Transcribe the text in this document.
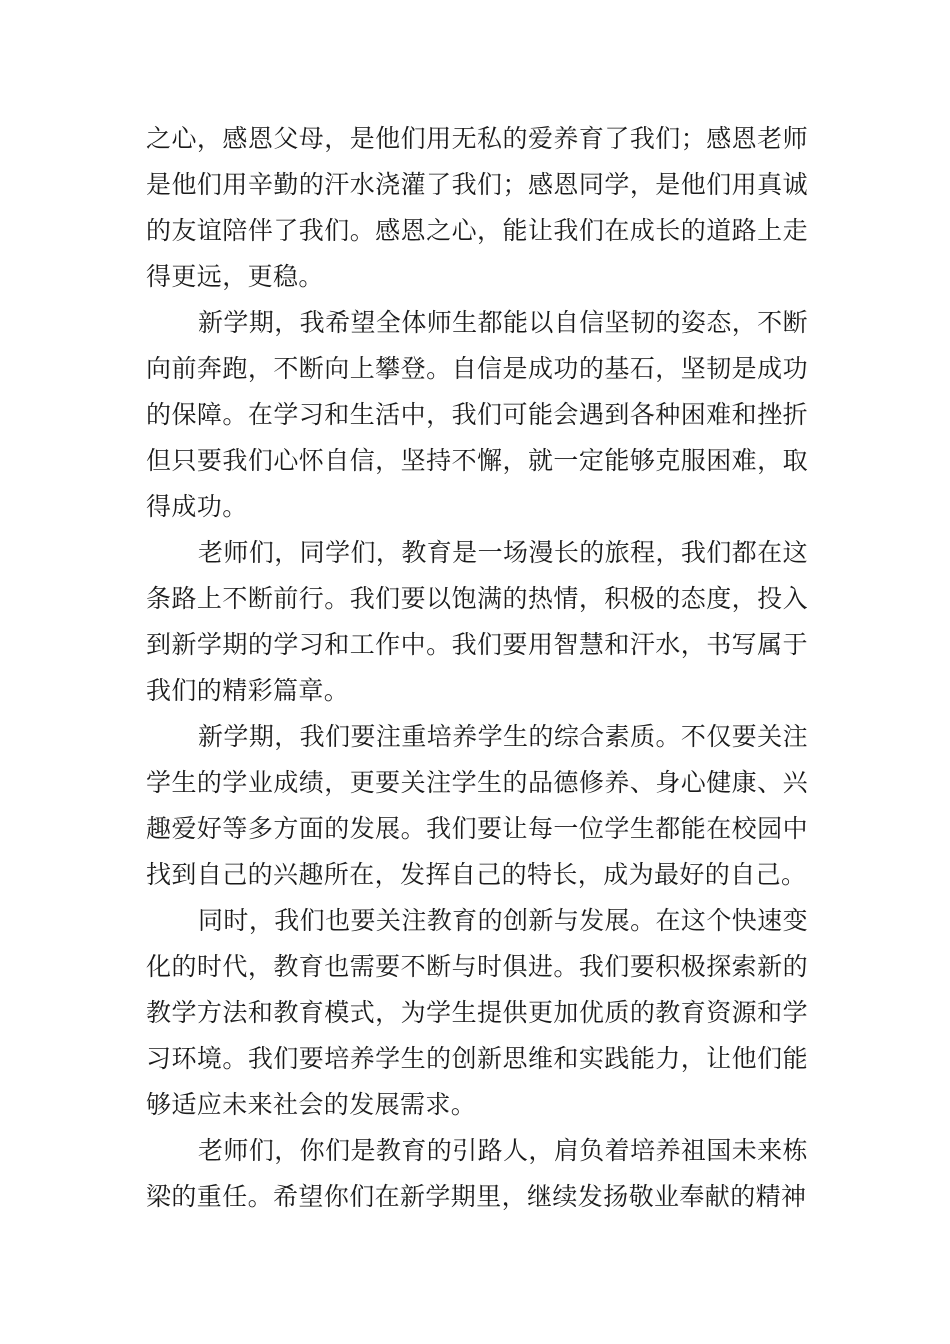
之心，感恩父母，是他们用无私的爱养育了我们；感恩老师是他们用辛勤的汗水浇灌了我们；感恩同学，是他们用真诚的友谊陪伴了我们。感恩之心，能让我们在成长的道路上走得更远，更稳。

新学期，我希望全体师生都能以自信坚韧的姿态，不断向前奔跑，不断向上攀登。自信是成功的基石，坚韧是成功的保障。在学习和生活中，我们可能会遇到各种困难和挫折但只要我们心怀自信，坚持不懈，就一定能够克服困难，取得成功。

老师们，同学们，教育是一场漫长的旅程，我们都在这条路上不断前行。我们要以饱满的热情，积极的态度，投入到新学期的学习和工作中。我们要用智慧和汗水，书写属于我们的精彩篇章。

新学期，我们要注重培养学生的综合素质。不仅要关注学生的学业成绩，更要关注学生的品德修养、身心健康、兴趣爱好等多方面的发展。我们要让每一位学生都能在校园中找到自己的兴趣所在，发挥自己的特长，成为最好的自己。

同时，我们也要关注教育的创新与发展。在这个快速变化的时代，教育也需要不断与时俱进。我们要积极探索新的教学方法和教育模式，为学生提供更加优质的教育资源和学习环境。我们要培养学生的创新思维和实践能力，让他们能够适应未来社会的发展需求。

老师们，你们是教育的引路人，肩负着培养祖国未来栋梁的重任。希望你们在新学期里，继续发扬敬业奉献的精神
